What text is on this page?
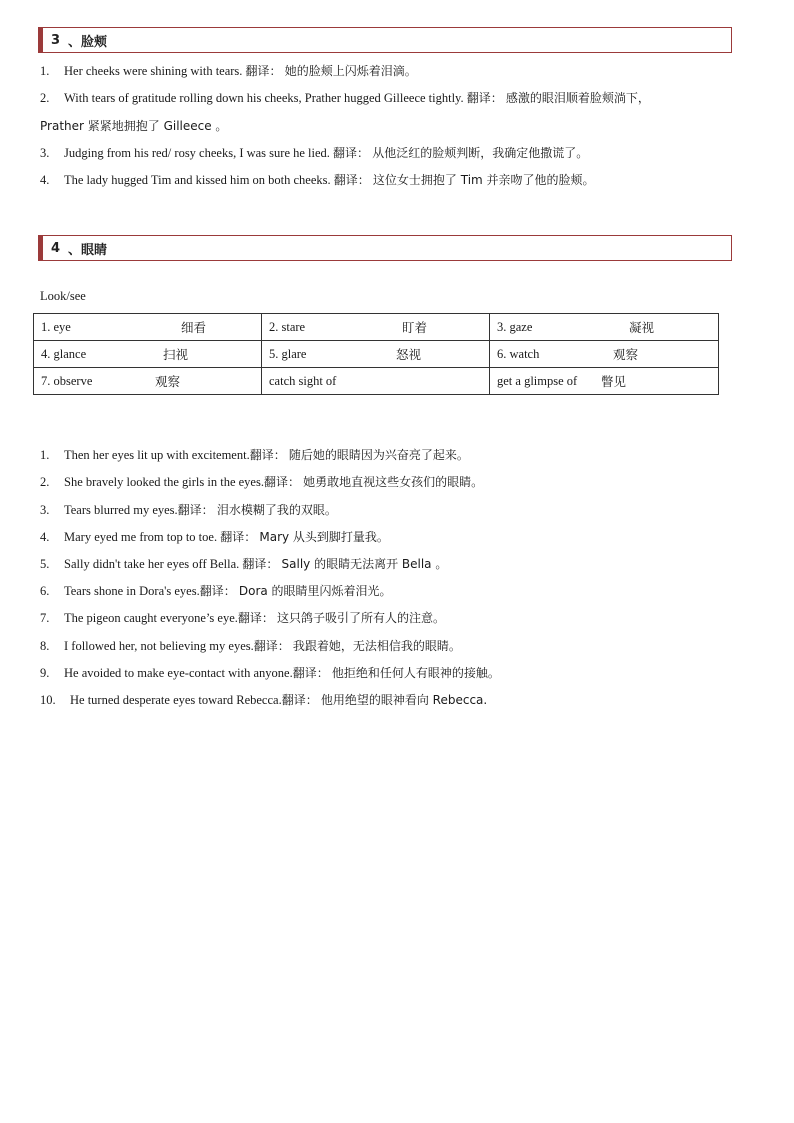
3 、脸颊
1. Her cheeks were shining with tears. 翻译： 她的脸颊上闪烁着泪滴。
2. With tears of gratitude rolling down his cheeks, Prather hugged Gilleece tightly. 翻译： 感激的眼泪顺着脸颊淌下，
Prather 紧紧地拥抱了 Gilleece 。
3. Judging from his red/ rosy cheeks, I was sure he lied. 翻译： 从他泛红的脸颊判断，我确定他撒谎了。
4. The lady hugged Tim and kissed him on both cheeks. 翻译： 这位女士拥抱了 Tim 并亲吻了他的脸颊。
4 、眼睛
Look/see
1. eye 细看	2. stare 盯着	3. gaze 凝视

4. glance 扫视	5. glare 怒视	6. watch 观察

7. observe 观察	catch sight of	get a glimpse of 瞥见
1. Then her eyes lit up with excitement.翻译： 随后她的眼睛因为兴奋亮了起来。
2. She bravely looked the girls in the eyes.翻译： 她勇敢地直视这些女孩们的眼睛。
3. Tears blurred my eyes.翻译： 泪水模糊了我的双眼。
4. Mary eyed me from top to toe. 翻译： Mary 从头到脚打量我。
5. Sally didn't take her eyes off Bella. 翻译： Sally 的眼睛无法离开 Bella 。
6. Tears shone in Dora's eyes.翻译： Dora 的眼睛里闪烁着泪光。
7. The pigeon caught everyone’s eye.翻译： 这只鸽子吸引了所有人的注意。
8. I followed her, not believing my eyes.翻译： 我跟着她，无法相信我的眼睛。
9. He avoided to make eye-contact with anyone.翻译： 他拒绝和任何人有眼神的接触。
10. He turned desperate eyes toward Rebecca.翻译： 他用绝望的眼神看向 Rebecca.
